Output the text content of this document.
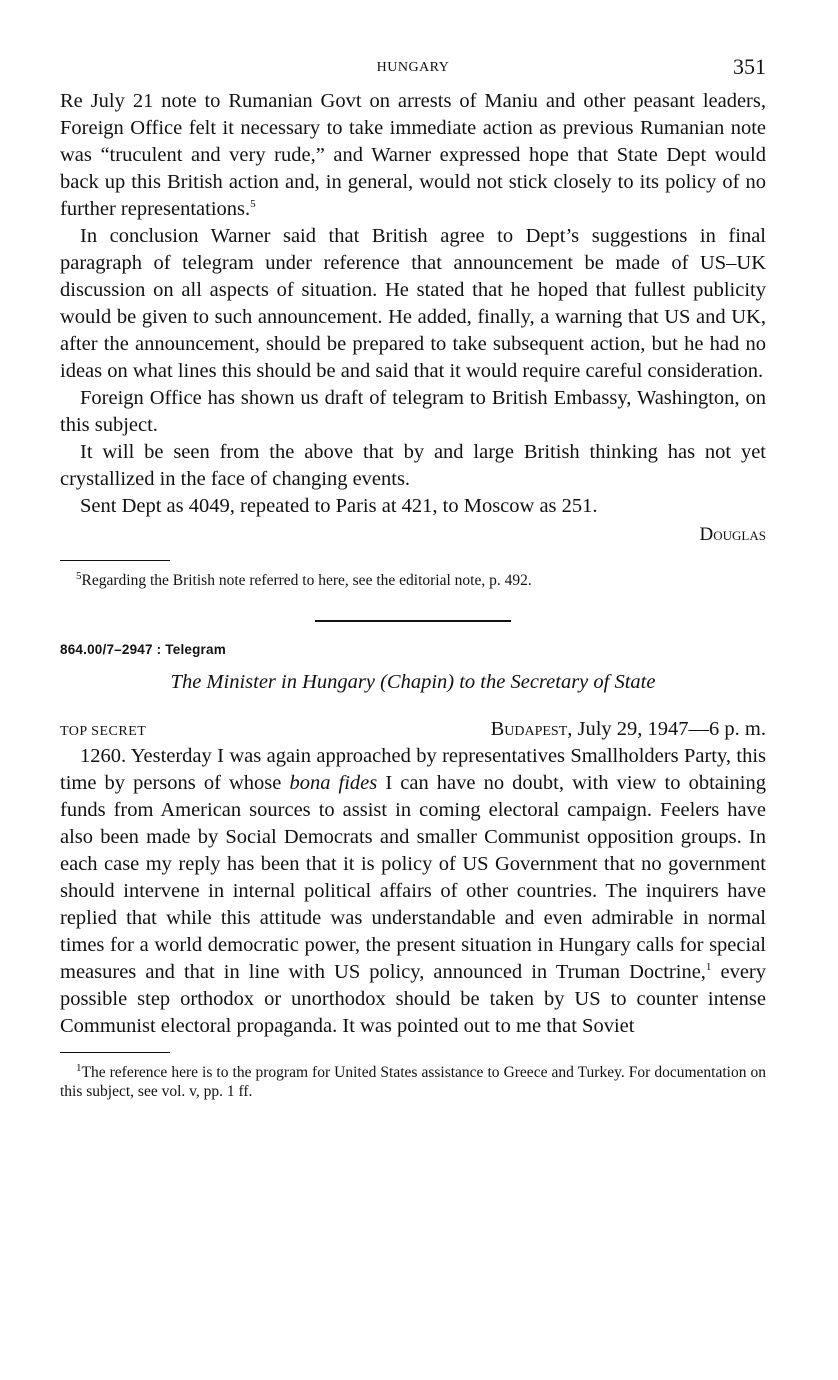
HUNGARY	351

Re July 21 note to Rumanian Govt on arrests of Maniu and other peasant leaders, Foreign Office felt it necessary to take immediate action as previous Rumanian note was “truculent and very rude,” and Warner expressed hope that State Dept would back up this British action and, in general, would not stick closely to its policy of no further representations.$^5$

In conclusion Warner said that British agree to Dept’s suggestions in final paragraph of telegram under reference that announcement be made of US–UK discussion on all aspects of situation. He stated that he hoped that fullest publicity would be given to such announcement. He added, finally, a warning that US and UK, after the announcement, should be prepared to take subsequent action, but he had no ideas on what lines this should be and said that it would require careful consideration.

Foreign Office has shown us draft of telegram to British Embassy, Washington, on this subject.

It will be seen from the above that by and large British thinking has not yet crystallized in the face of changing events.

Sent Dept as 4049, repeated to Paris at 421, to Moscow as 251.

Douglas
$^5$Regarding the British note referred to here, see the editorial note, p. 492.
864.00/7–2947 : Telegram
The Minister in Hungary (Chapin) to the Secretary of State
TOP SECRET	Budapest, July 29, 1947—6 p. m.

1260. Yesterday I was again approached by representatives Smallholders Party, this time by persons of whose bona fides I can have no doubt, with view to obtaining funds from American sources to assist in coming electoral campaign. Feelers have also been made by Social Democrats and smaller Communist opposition groups. In each case my reply has been that it is policy of US Government that no government should intervene in internal political affairs of other countries. The inquirers have replied that while this attitude was understandable and even admirable in normal times for a world democratic power, the present situation in Hungary calls for special measures and that in line with US policy, announced in Truman Doctrine,$^1$ every possible step orthodox or unorthodox should be taken by US to counter intense Communist electoral propaganda. It was pointed out to me that Soviet

$^1$The reference here is to the program for United States assistance to Greece and Turkey. For documentation on this subject, see vol. v, pp. 1 ff.
